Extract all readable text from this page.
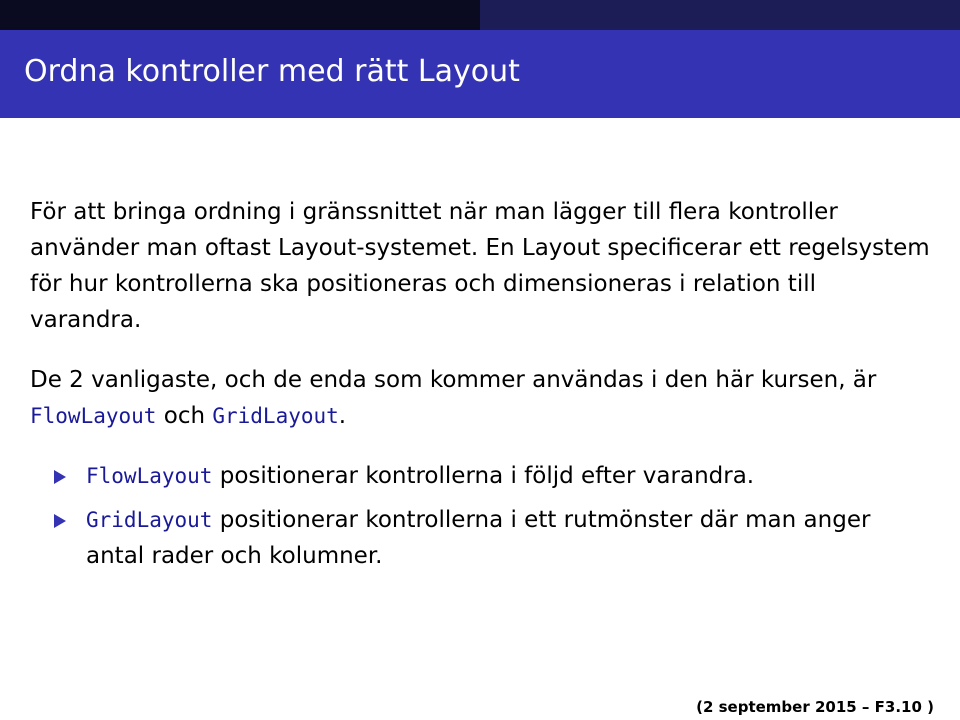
Ordna kontroller med rätt Layout

För att bringa ordning i gränssnittet när man lägger till flera kontroller använder man oftast Layout-systemet. En Layout specificerar ett regelsystem för hur kontrollerna ska positioneras och dimensioneras i relation till varandra.

De 2 vanligaste, och de enda som kommer användas i den här kursen, är FlowLayout och GridLayout.

FlowLayout positionerar kontrollerna i följd efter varandra.
GridLayout positionerar kontrollerna i ett rutmönster där man anger antal rader och kolumner.
(2 september 2015 – F3.10 )
